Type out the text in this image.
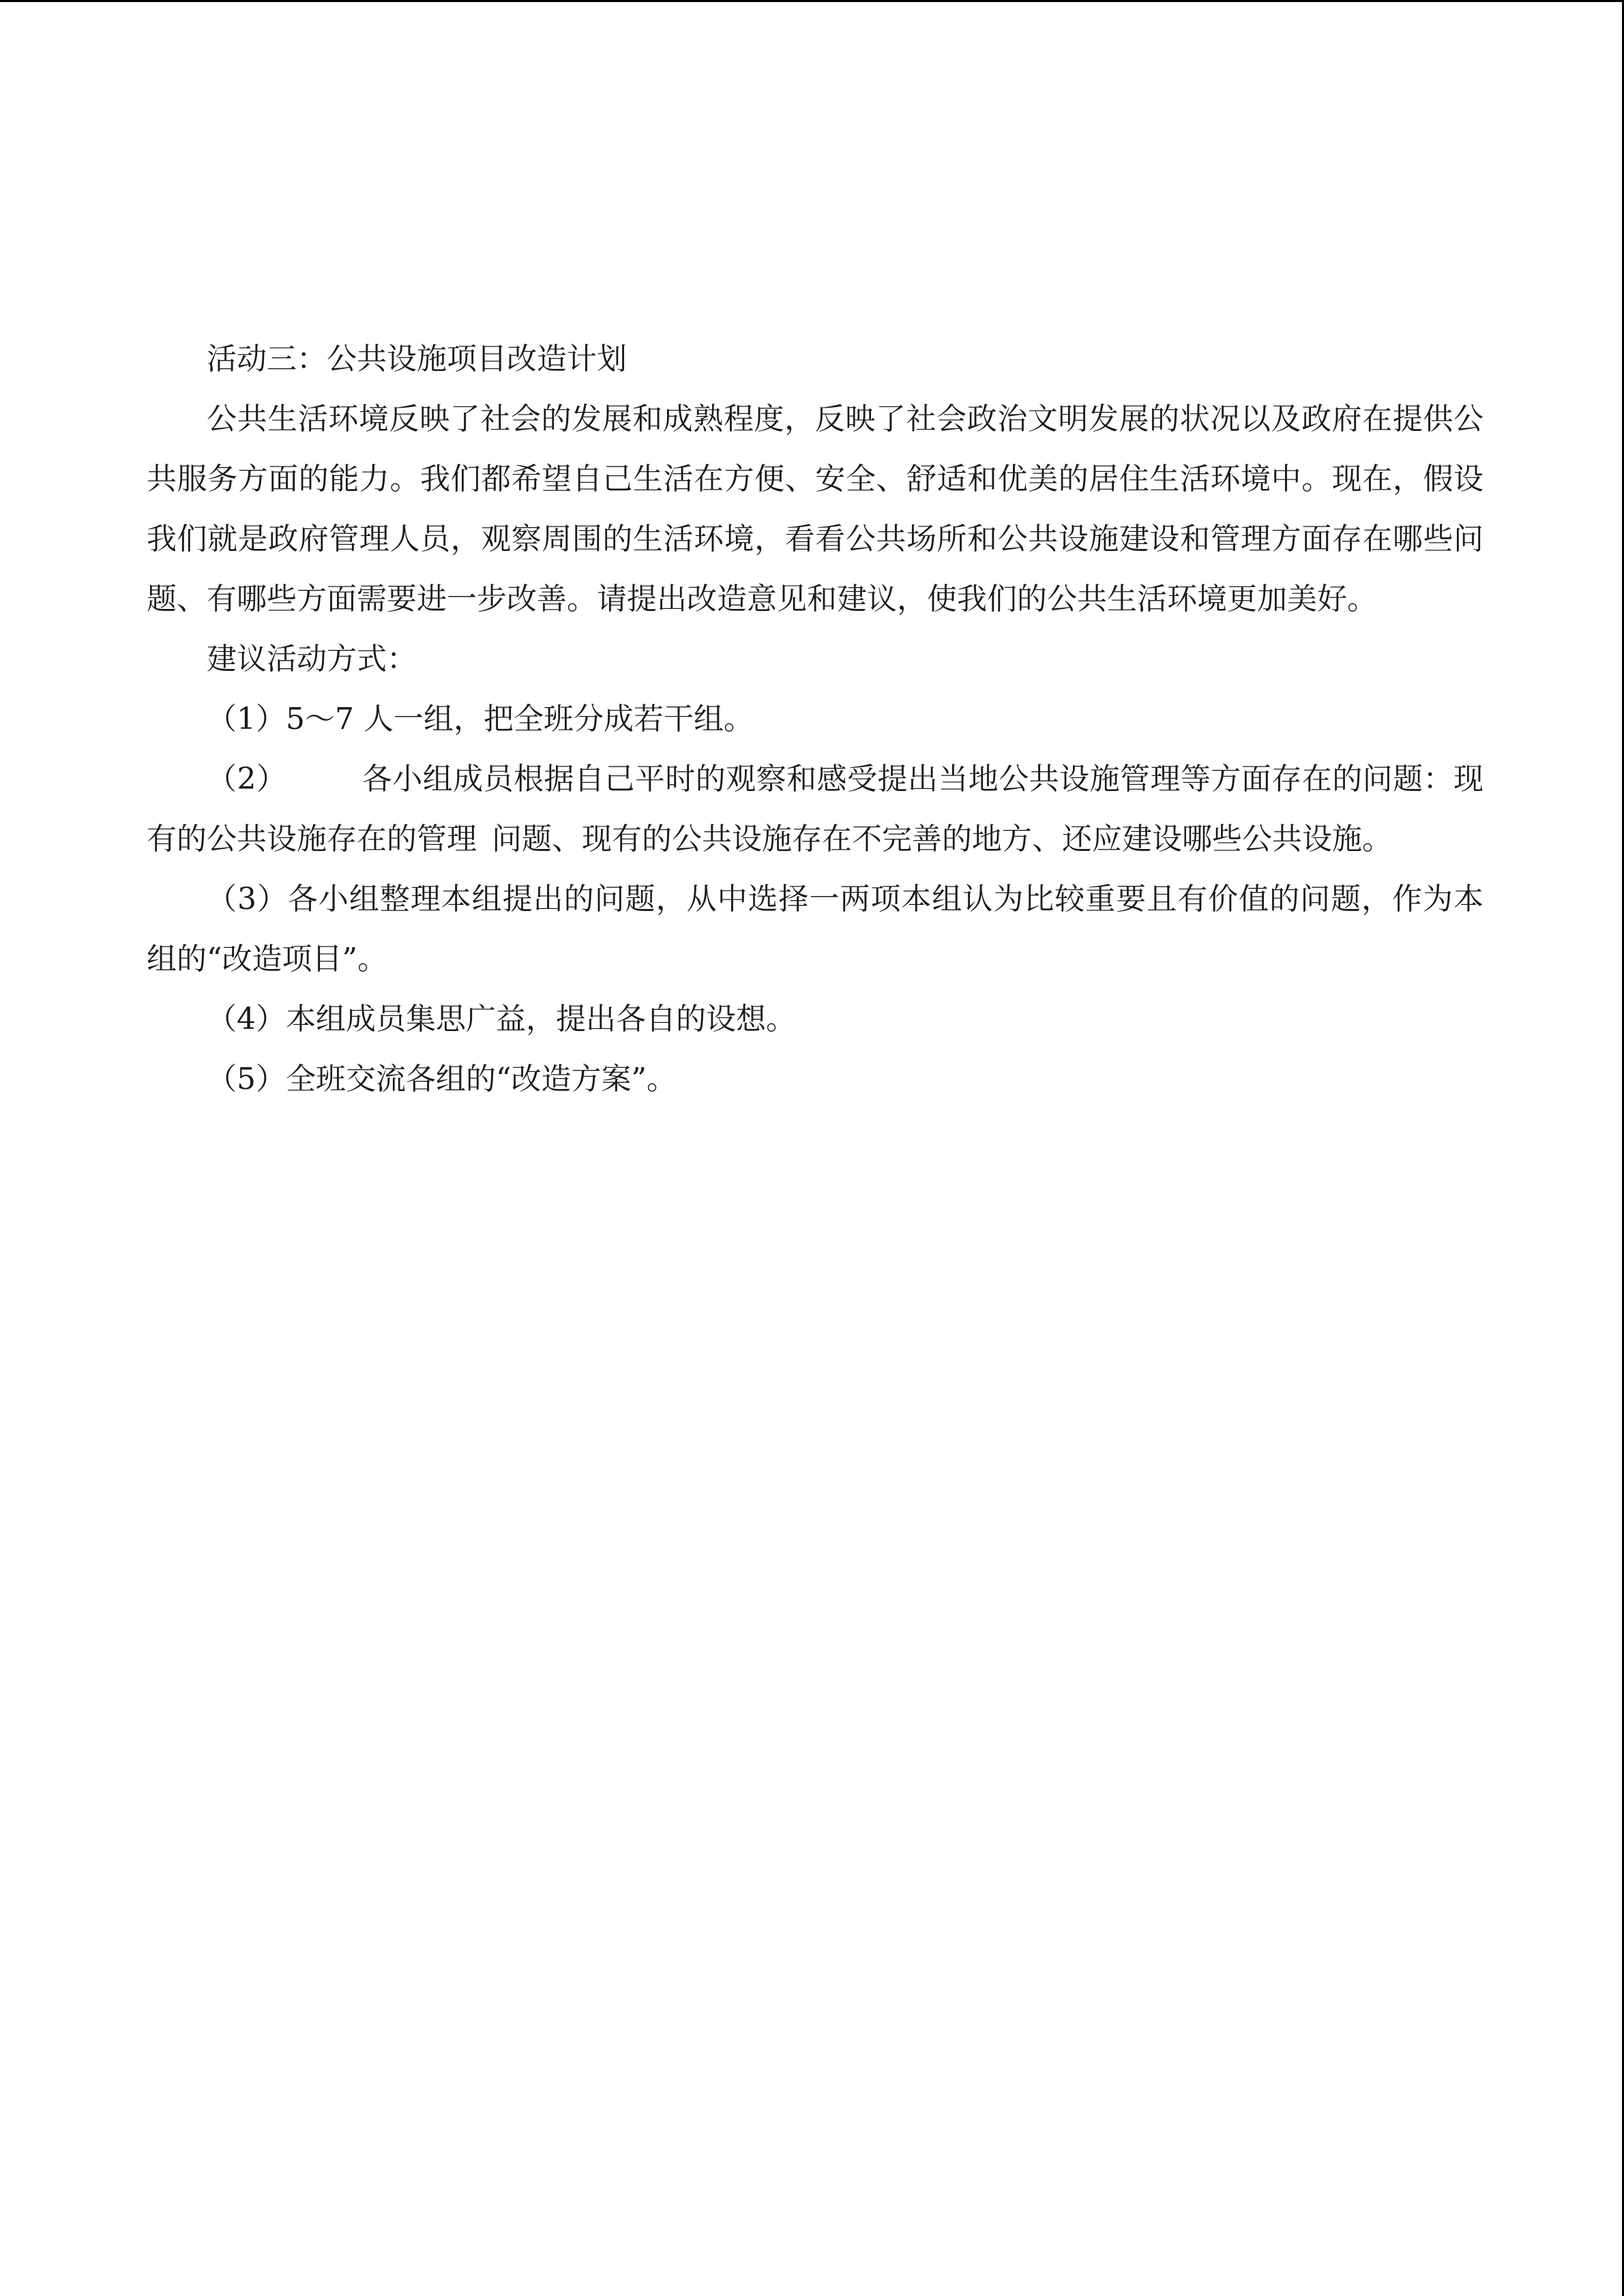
活动三：公共设施项目改造计划

公共生活环境反映了社会的发展和成熟程度，反映了社会政治文明发展的状况以及政府在提供公共服务方面的能力。我们都希望自己生活在方便、安全、舒适和优美的居住生活环境中。现在，假设我们就是政府管理人员，观察周围的生活环境，看看公共场所和公共设施建设和管理方面存在哪些问题、有哪些方面需要进一步改善。请提出改造意见和建议，使我们的公共生活环境更加美好。

建议活动方式：

（1）5～7 人一组，把全班分成若干组。

（2）	各小组成员根据自己平时的观察和感受提出当地公共设施管理等方面存在的问题：现有的公共设施存在的管理 问题、现有的公共设施存在不完善的地方、还应建设哪些公共设施。

（3）各小组整理本组提出的问题，从中选择一两项本组认为比较重要且有价值的问题，作为本组的“改造项目”。

（4）本组成员集思广益，提出各自的设想。

（5）全班交流各组的“改造方案”。
